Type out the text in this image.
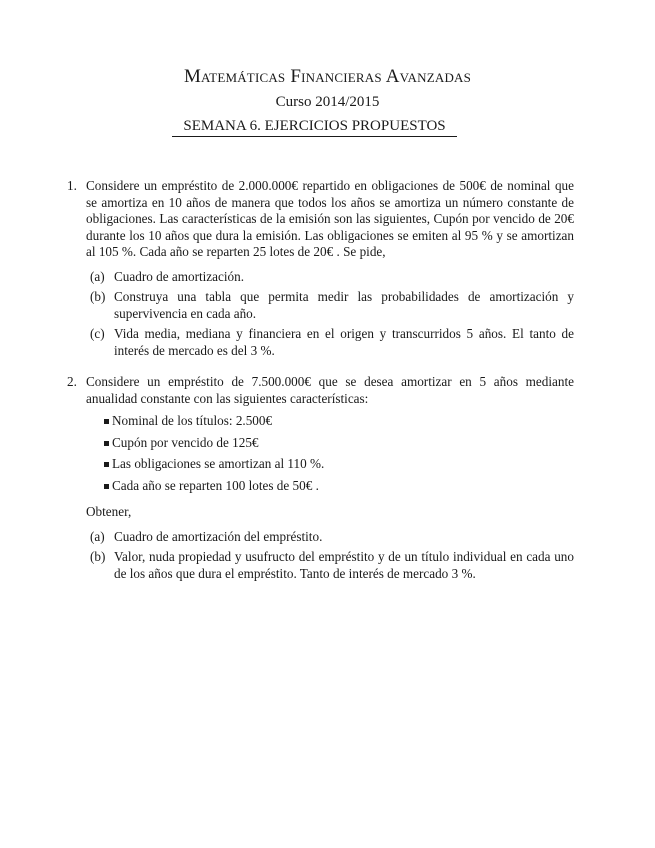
Matemáticas Financieras Avanzadas
Curso 2014/2015
SEMANA 6. EJERCICIOS PROPUESTOS
1. Considere un empréstito de 2.000.000€ repartido en obligaciones de 500€ de nominal que se amortiza en 10 años de manera que todos los años se amortiza un número constante de obligaciones. Las características de la emisión son las siguientes, Cupón por vencido de 20€ durante los 10 años que dura la emisión. Las obligaciones se emiten al 95 % y se amortizan al 105 %. Cada año se reparten 25 lotes de 20€ . Se pide,

(a) Cuadro de amortización.
(b) Construya una tabla que permita medir las probabilidades de amortización y supervivencia en cada año.
(c) Vida media, mediana y financiera en el origen y transcurridos 5 años. El tanto de interés de mercado es del 3 %.
2. Considere un empréstito de 7.500.000€ que se desea amortizar en 5 años mediante anualidad constante con las siguientes características:

Nominal de los títulos: 2.500€
Cupón por vencido de 125€
Las obligaciones se amortizan al 110 %.
Cada año se reparten 100 lotes de 50€ .

Obtener,

(a) Cuadro de amortización del empréstito.
(b) Valor, nuda propiedad y usufructo del empréstito y de un título individual en cada uno de los años que dura el empréstito. Tanto de interés de mercado 3 %.
